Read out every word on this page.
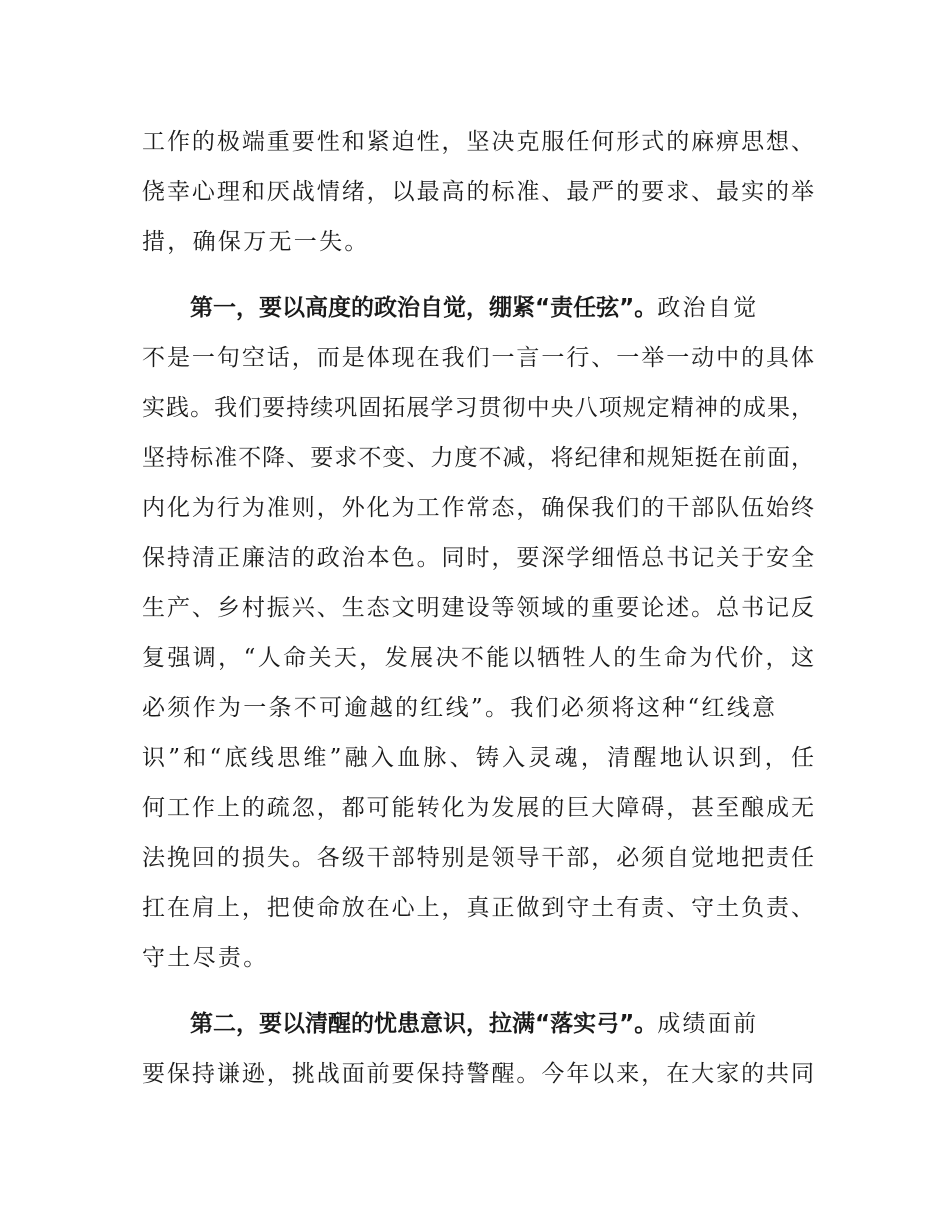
工作的极端重要性和紧迫性，坚决克服任何形式的麻痹思想、
侥幸心理和厌战情绪，以最高的标准、最严的要求、最实的举
措，确保万无一失。
第一，要以高度的政治自觉，绷紧“责任弦”。政治自觉
不是一句空话，而是体现在我们一言一行、一举一动中的具体
实践。我们要持续巩固拓展学习贯彻中央八项规定精神的成果，
坚持标准不降、要求不变、力度不减，将纪律和规矩挺在前面，
内化为行为准则，外化为工作常态，确保我们的干部队伍始终
保持清正廉洁的政治本色。同时，要深学细悟总书记关于安全
生产、乡村振兴、生态文明建设等领域的重要论述。总书记反
复强调，“人命关天，发展决不能以牺牲人的生命为代价，这
必须作为一条不可逾越的红线”。我们必须将这种“红线意
识”和“底线思维”融入血脉、铸入灵魂，清醒地认识到，任
何工作上的疏忽，都可能转化为发展的巨大障碍，甚至酿成无
法挽回的损失。各级干部特别是领导干部，必须自觉地把责任
扛在肩上，把使命放在心上，真正做到守土有责、守土负责、
守土尽责。
第二，要以清醒的忧患意识，拉满“落实弓”。成绩面前
要保持谦逊，挑战面前要保持警醒。今年以来，在大家的共同
